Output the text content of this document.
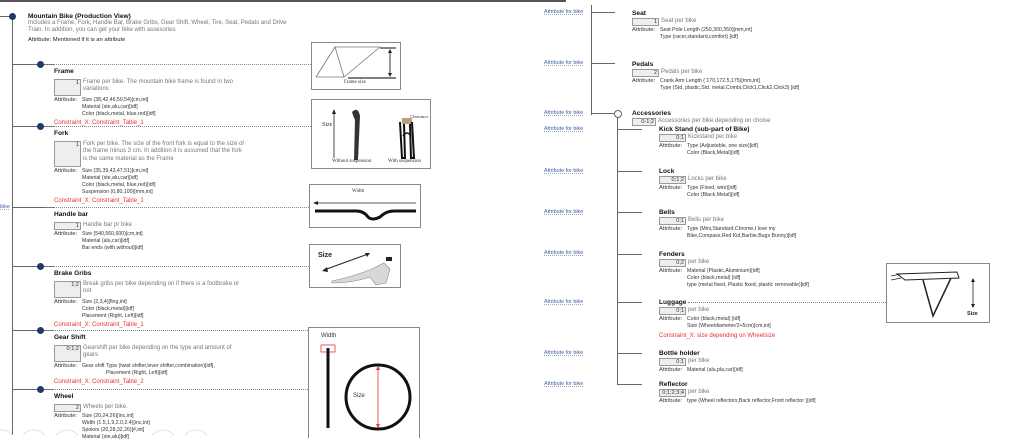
Mountain Bike (Production View)
Includes a Frame, Fork, Handle Bar, Brake Gribs, Gear Shift, Wheel, Tire, Seat, Pedals and Drive Train. In addition, you can get your bike with assesories
Attribute: Mentioned if it is an attribute
bike
Frame
1 Frame per bike. The mountain bike frame is found in two variations
Attribute: Size (38,42,46,50,54)[cm,int]
Material (ste,alu,car)[idf]
Color (black,metal, blue,red)[idf]
Constraint_X: Constraint_Table_1
Fork
1 Fork per bike. The size of the front fork is equal to the size of the frame minus 3 cm. In addition it is assumed that the fork is the same material as the Frame
Attribute: Size (35,39,43,47,51)[cm,int]
Material (ste,alu,car)[idf]
Color (black,metal, blue,red)[idf]
Suspension (0,80,100)[mm,int]
Constraint_X: Constraint_Table_1
Handle bar
1 Handle bar pr bike
Attribute: Size (540,560,600)[cm,int]
Material (alu,car)[idf]
Bar ends (with,without)[idf]
Brake Gribs
1;2 Break gribs per bike depending on if there is a footbrake or not
Attribute: Size (2,3,4)[fing,int]
Color (black,metal)[idf]
Placement (Right, Left)[idf]
Constraint_X: Constraint_Table_1
Gear Shift
0;1;2 Gearshift per bike depending on the type and amount of gears
Attribute: Gear shift Type (twist shifter,lever shifter,combination)[idf],
Placement (Right, Left)[idf]
Constraint_X: Constraint_Table_2
Wheel
2 Wheels per bike.
Attribute: Size (20,24,26)[inc,int]
Width (1.5,1.9,2.0,2.4)[inc,int]
Spokes (20,28,32,26)[#,int]
Material (ste,alu)[idf]
Frame size
Size
Clearance
Without suspension	With suspension
Width
Size
Width
Size
Attribute for bike
Attribute for bike
Attribute for bike
Attribute for bike
Attribute for bike
Attribute for bike
Attribute for bike
Attribute for bike
Attribute for bike
Attribute for bike
Seat
1 Seat per bike
Attribute: Seat Pole Length (250,300,350)[mm,int]
Type (racer,standard,comfort) [idf]
Pedals
2 Pedals per bike
Attribute: Crank Arm Length ( 170,172.5,175)[mm,int]
Type (Std. plastic,Std. metal,Combi,Click1,Click2,Click3) [idf]
Accessories
0-1;2 Accessories per bike depending on choise
Kick Stand (sub-part of Bike)
0;1 Kickstand per bike
Attribute: Type (Adjusteble, one size)[idf]
Color (Black,Metal)[idf]
Lock
0;1;2 Locks per bike
Attribute: Type (Fixed, wire)[idf]
Color (Black,Metal)[idf]
Bells
0;1 Bells per bike
Attribute: Type (Mini,Standard,Chrome,I love my
Bike,Compass,Red Kid,Barbie,Bugs Bunny)[idf]
Fenders
0;2 per bike
Attribute: Material (Plastic,Aluminium)[idf]
Color (black,metal) [idf]
type (metal fixed, Plastic fixed, plastic removable)[idf]
Luggage
0;1 per bike
Attribute: Color (black,metal) [idf]
Size (Wheeldiameter/2+5cm)[cm,int]
Constraint_X: size depending on Wheelsize
Bottle holder
0;1 per bike
Attribute: Material (alu,pla,car)[idf]
Reflector
0;1;2;3;4 per bike
Attribute: type (Wheel reflectors,Back reflector,Front reflector )[idf]
Size
